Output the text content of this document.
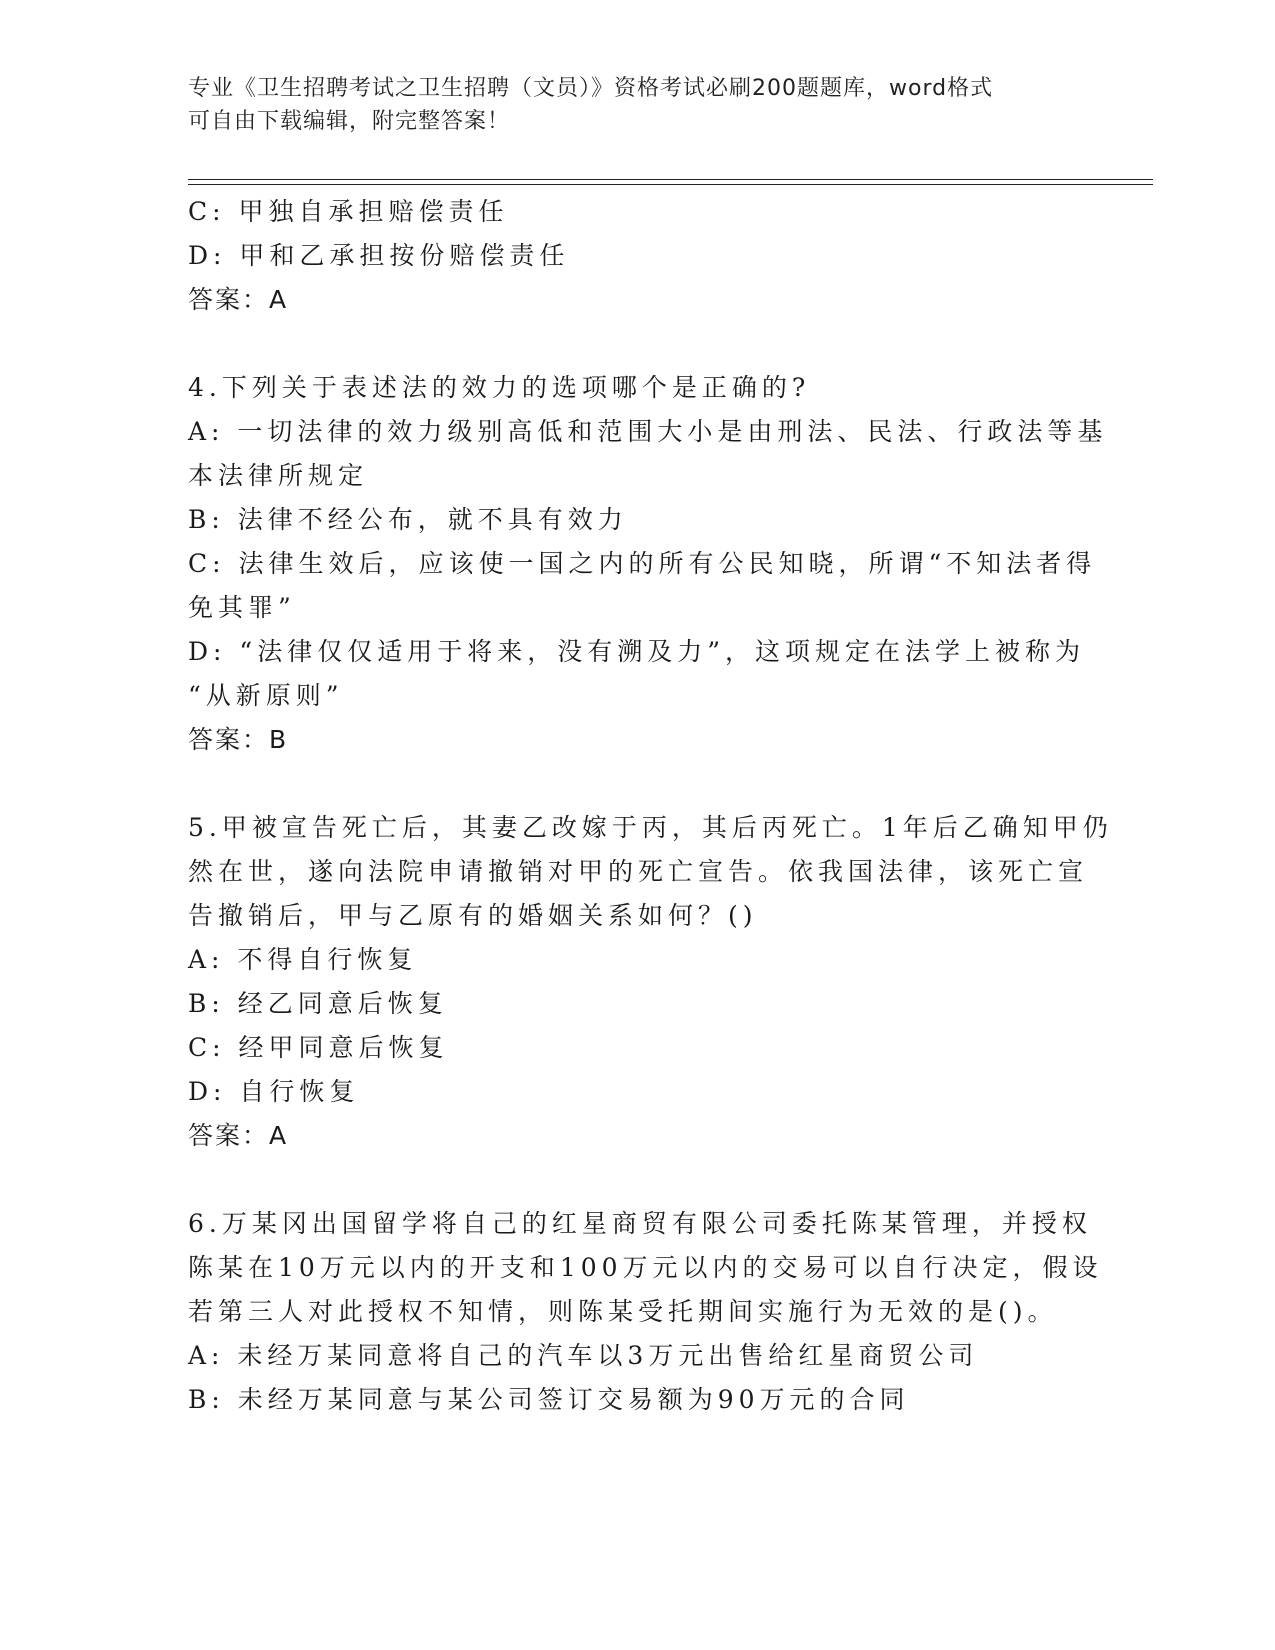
专业《卫生招聘考试之卫生招聘（文员）》资格考试必刷200题题库，word格式
可自由下载编辑，附完整答案！
C: 甲独自承担赔偿责任
D: 甲和乙承担按份赔偿责任
答案：A
4.下列关于表述法的效力的选项哪个是正确的?
A: 一切法律的效力级别高低和范围大小是由刑法、民法、行政法等基
本法律所规定
B: 法律不经公布，就不具有效力
C: 法律生效后，应该使一国之内的所有公民知晓，所谓“不知法者得
免其罪”
D: “法律仅仅适用于将来，没有溯及力”，这项规定在法学上被称为
“从新原则”
答案：B
5.甲被宣告死亡后，其妻乙改嫁于丙，其后丙死亡。1年后乙确知甲仍
然在世，遂向法院申请撤销对甲的死亡宣告。依我国法律，该死亡宣
告撤销后，甲与乙原有的婚姻关系如何？()
A: 不得自行恢复
B: 经乙同意后恢复
C: 经甲同意后恢复
D: 自行恢复
答案：A
6.万某冈出国留学将自己的红星商贸有限公司委托陈某管理，并授权
陈某在10万元以内的开支和100万元以内的交易可以自行决定，假设
若第三人对此授权不知情，则陈某受托期间实施行为无效的是()。
A: 未经万某同意将自己的汽车以3万元出售给红星商贸公司
B: 未经万某同意与某公司签订交易额为90万元的合同
